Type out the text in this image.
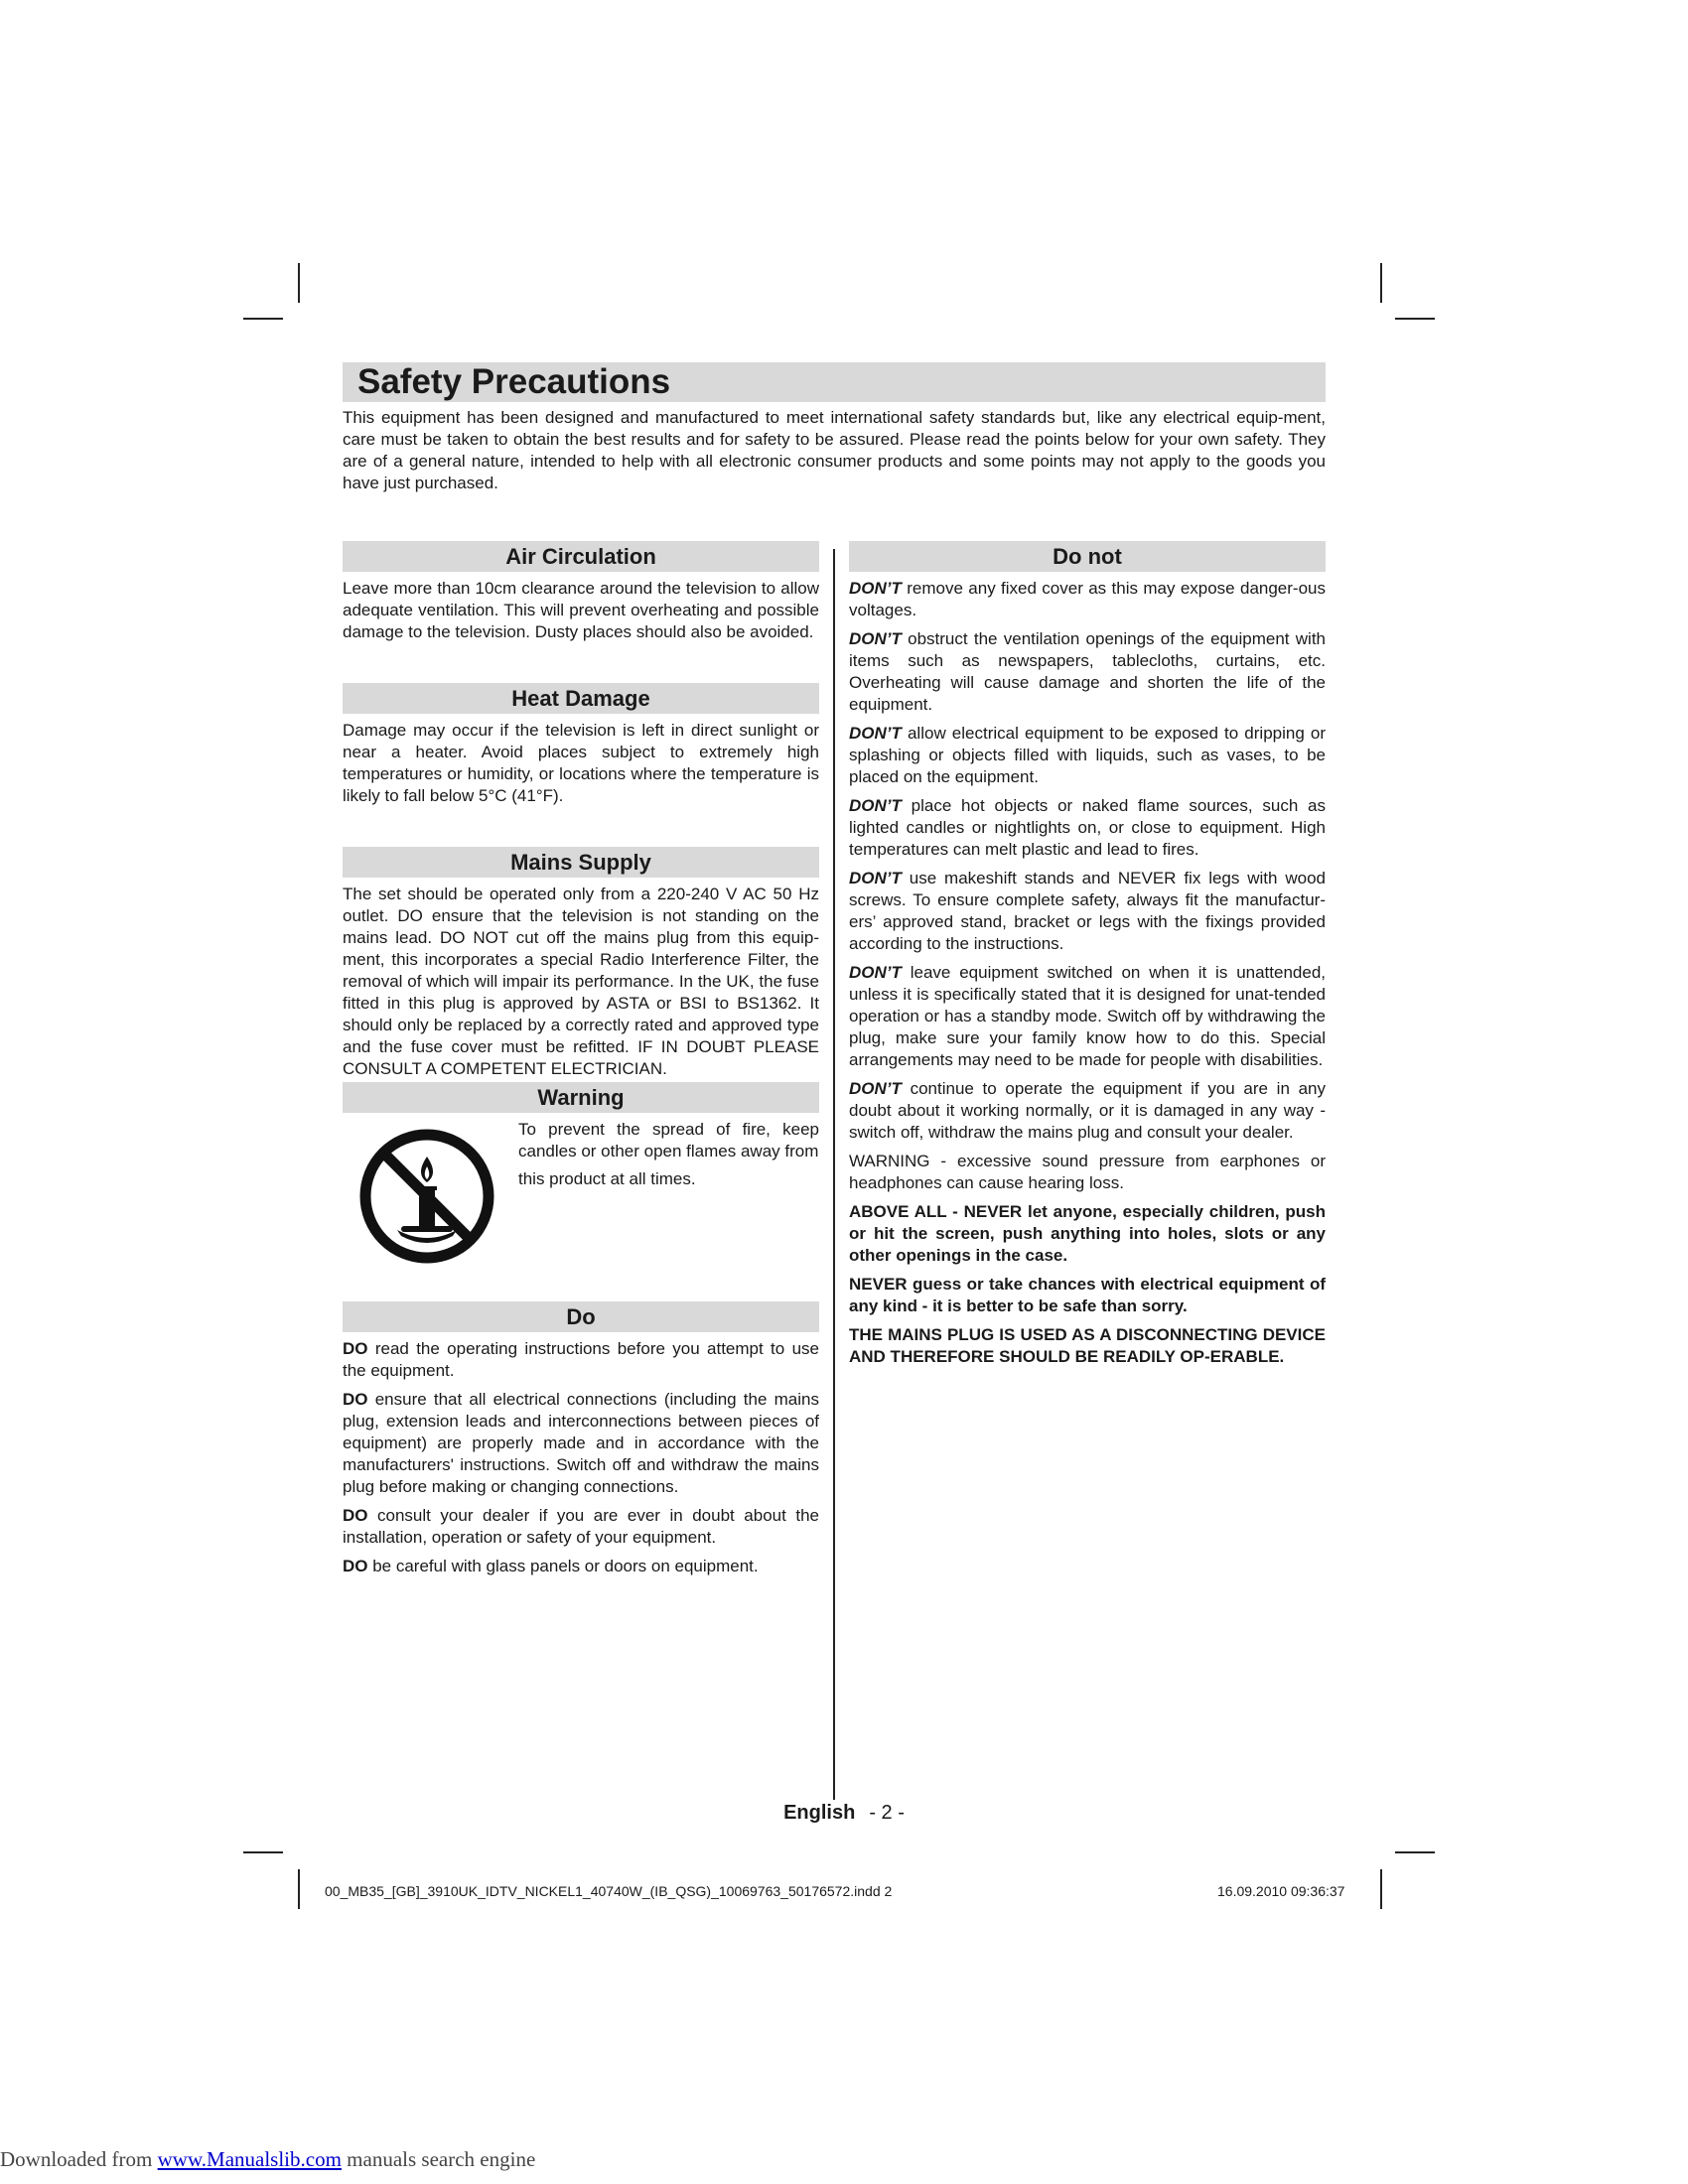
Safety Precautions

This equipment has been designed and manufactured to meet international safety standards but, like any electrical equip-ment, care must be taken to obtain the best results and for safety to be assured. Please read the points below for your own safety. They are of a general nature, intended to help with all electronic consumer products and some points may not apply to the goods you have just purchased.

Air Circulation

Leave more than 10cm clearance around the television to allow adequate ventilation. This will prevent overheating and possible damage to the television. Dusty places should also be avoided.

Heat Damage

Damage may occur if the television is left in direct sunlight or near a heater. Avoid places subject to extremely high temperatures or humidity, or locations where the temperature is likely to fall below 5°C (41°F).

Mains Supply

The set should be operated only from a 220-240 V AC 50 Hz outlet. DO ensure that the television is not standing on the mains lead. DO NOT cut off the mains plug from this equip-ment, this incorporates a special Radio Interference Filter, the removal of which will impair its performance. In the UK, the fuse fitted in this plug is approved by ASTA or BSI to BS1362. It should only be replaced by a correctly rated and approved type and the fuse cover must be refitted. IF IN DOUBT PLEASE CONSULT A COMPETENT ELECTRICIAN.

Warning

To prevent the spread of fire, keep candles or other open flames away from

this product at all times.

Do

DO read the operating instructions before you attempt to use the equipment.

DO ensure that all electrical connections (including the mains plug, extension leads and interconnections between pieces of equipment) are properly made and in accordance with the manufacturers' instructions. Switch off and withdraw the mains plug before making or changing connections.

DO consult your dealer if you are ever in doubt about the installation, operation or safety of your equipment.

DO be careful with glass panels or doors on equipment.

Do not

DON’T remove any fixed cover as this may expose danger-ous voltages.

DON’T obstruct the ventilation openings of the equipment with items such as newspapers, tablecloths, curtains, etc. Overheating will cause damage and shorten the life of the equipment.

DON’T allow electrical equipment to be exposed to dripping or splashing or objects filled with liquids, such as vases, to be placed on the equipment.

DON’T place hot objects or naked flame sources, such as lighted candles or nightlights on, or close to equipment. High temperatures can melt plastic and lead to fires.

DON’T use makeshift stands and NEVER fix legs with wood screws. To ensure complete safety, always fit the manufactur-ers’ approved stand, bracket or legs with the fixings provided according to the instructions.

DON’T leave equipment switched on when it is unattended, unless it is specifically stated that it is designed for unat-tended operation or has a standby mode. Switch off by withdrawing the plug, make sure your family know how to do this. Special arrangements may need to be made for people with disabilities.

DON’T continue to operate the equipment if you are in any doubt about it working normally, or it is damaged in any way - switch off, withdraw the mains plug and consult your dealer.

WARNING - excessive sound pressure from earphones or headphones can cause hearing loss.

ABOVE ALL - NEVER let anyone, especially children, push or hit the screen, push anything into holes, slots or any other openings in the case.

NEVER guess or take chances with electrical equipment of any kind - it is better to be safe than sorry.

THE MAINS PLUG IS USED AS A DISCONNECTING DEVICE AND THEREFORE SHOULD BE READILY OP-ERABLE.

English - 2 -
00_MB35_[GB]_3910UK_IDTV_NICKEL1_40740W_(IB_QSG)_10069763_50176572.indd 2	16.09.2010 09:36:37
Downloaded from www.Manualslib.com manuals search engine
